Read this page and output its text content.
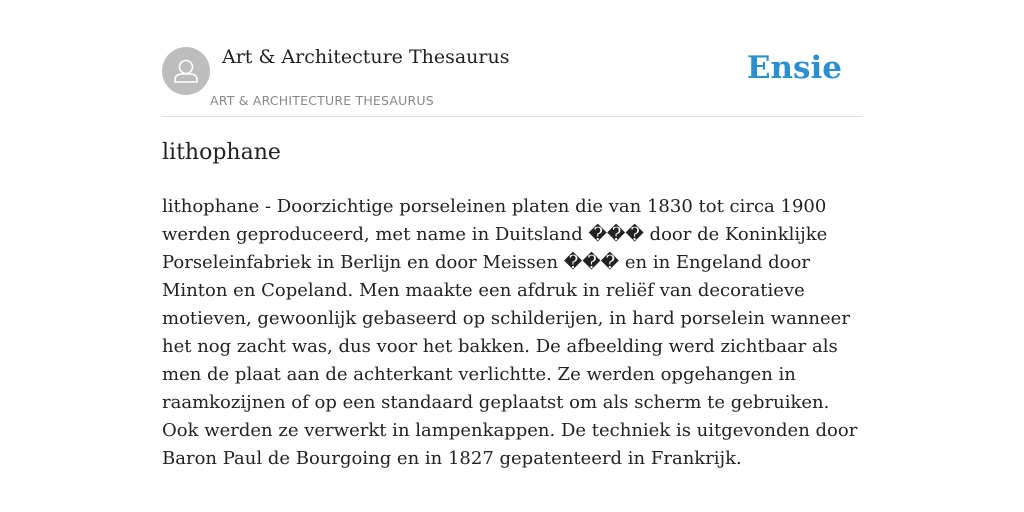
Art & Architecture Thesaurus
ART & ARCHITECTURE THESAURUS
Ensie
lithophane

lithophane - Doorzichtige porseleinen platen die van 1830 tot circa 1900 werden geproduceerd, met name in Duitsland ��� door de Koninklijke Porseleinfabriek in Berlijn en door Meissen ��� en in Engeland door Minton en Copeland. Men maakte een afdruk in reliëf van decoratieve motieven, gewoonlijk gebaseerd op schilderijen, in hard porselein wanneer het nog zacht was, dus voor het bakken. De afbeelding werd zichtbaar als men de plaat aan de achterkant verlichtte. Ze werden opgehangen in raamkozijnen of op een standaard geplaatst om als scherm te gebruiken. Ook werden ze verwerkt in lampenkappen. De techniek is uitgevonden door Baron Paul de Bourgoing en in 1827 gepatenteerd in Frankrijk.
